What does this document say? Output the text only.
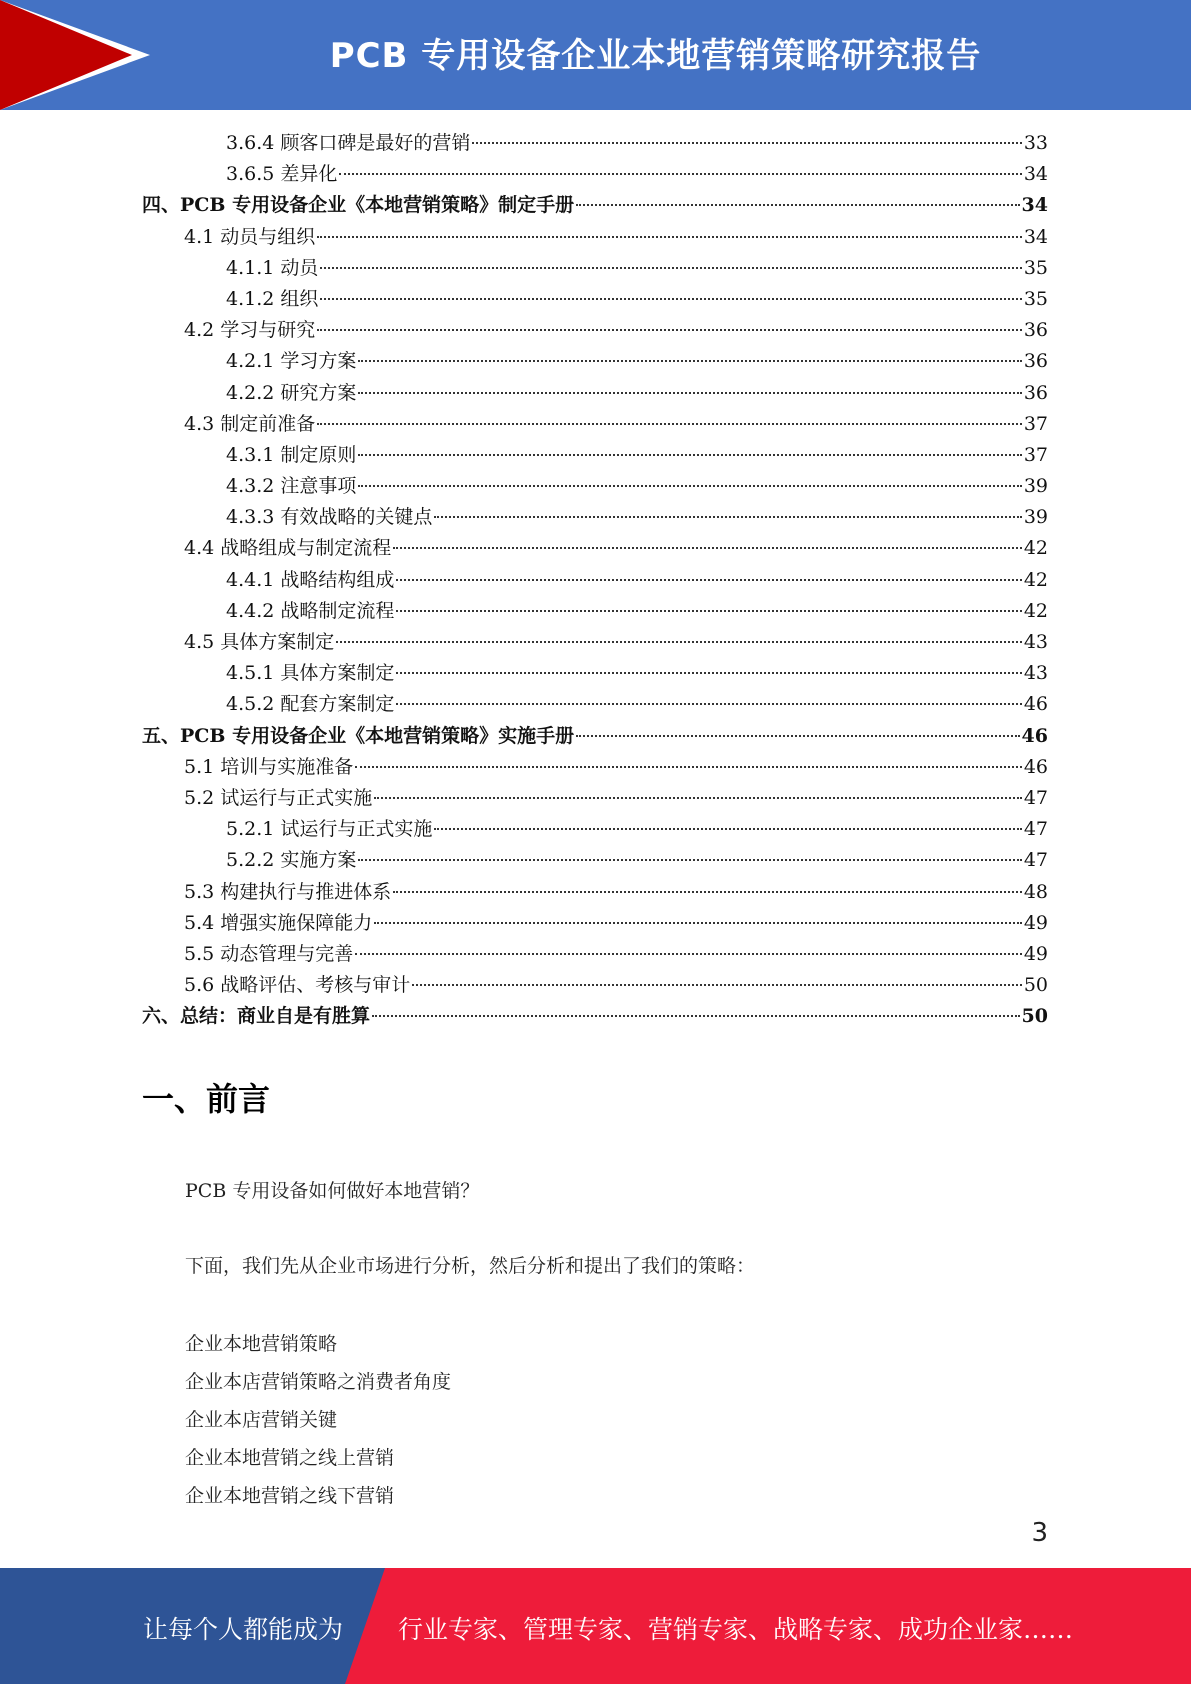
PCB 专用设备企业本地营销策略研究报告
3.6.4 顾客口碑是最好的营销	33
3.6.5 差异化	34
四、PCB 专用设备企业《本地营销策略》制定手册	34
4.1 动员与组织	34
4.1.1 动员	35
4.1.2 组织	35
4.2 学习与研究	36
4.2.1 学习方案	36
4.2.2 研究方案	36
4.3 制定前准备	37
4.3.1 制定原则	37
4.3.2 注意事项	39
4.3.3 有效战略的关键点	39
4.4 战略组成与制定流程	42
4.4.1 战略结构组成	42
4.4.2 战略制定流程	42
4.5 具体方案制定	43
4.5.1 具体方案制定	43
4.5.2 配套方案制定	46
五、PCB 专用设备企业《本地营销策略》实施手册	46
5.1 培训与实施准备	46
5.2 试运行与正式实施	47
5.2.1 试运行与正式实施	47
5.2.2 实施方案	47
5.3 构建执行与推进体系	48
5.4 增强实施保障能力	49
5.5 动态管理与完善	49
5.6 战略评估、考核与审计	50
六、总结：商业自是有胜算	50
一、前言
PCB 专用设备如何做好本地营销？
下面，我们先从企业市场进行分析，然后分析和提出了我们的策略：
企业本地营销策略
企业本店营销策略之消费者角度
企业本店营销关键
企业本地营销之线上营销
企业本地营销之线下营销
3
让每个人都能成为 行业专家、管理专家、营销专家、战略专家、成功企业家……
